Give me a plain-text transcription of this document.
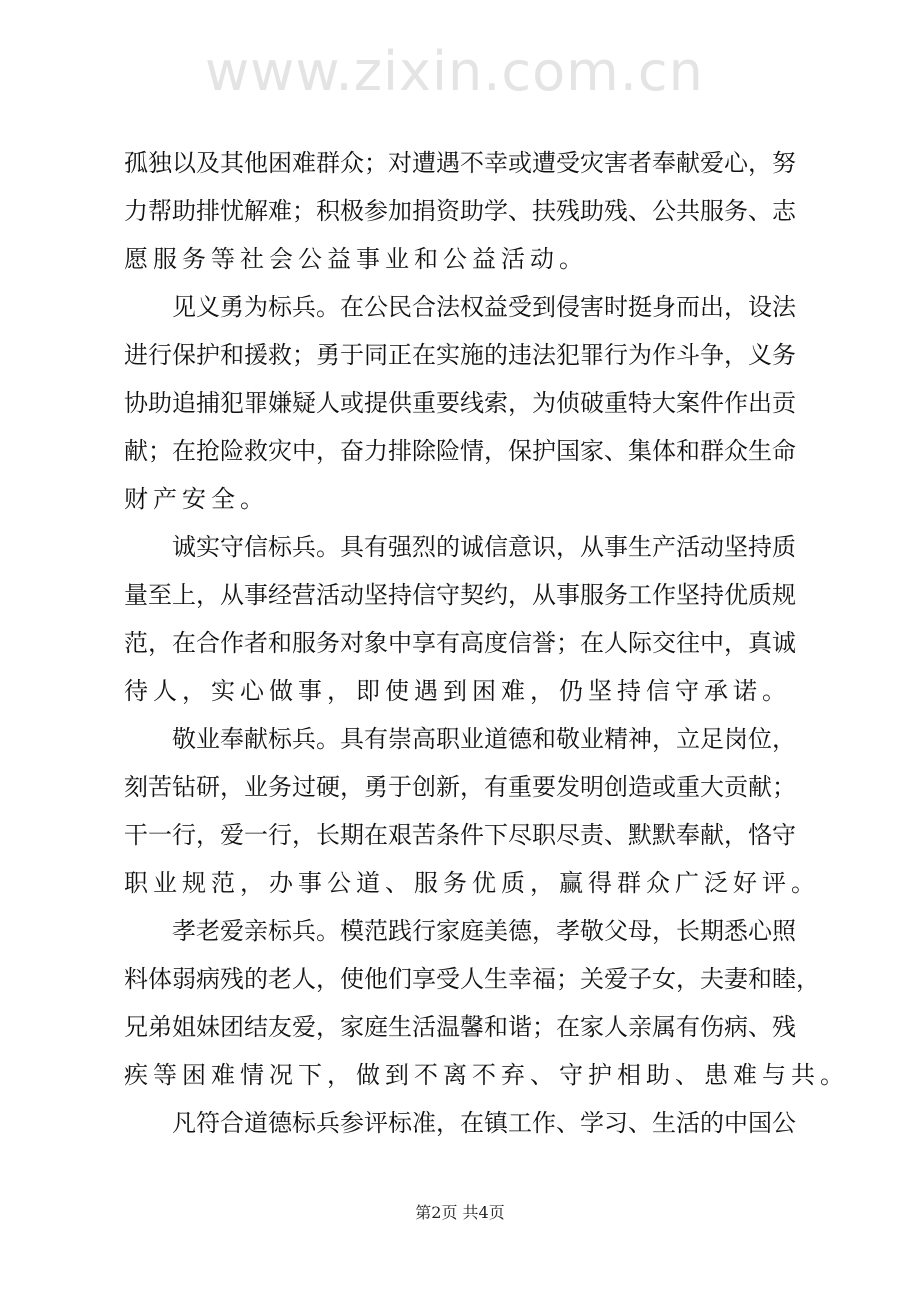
www.zixin.com.cn
孤独以及其他困难群众；对遭遇不幸或遭受灾害者奉献爱心，努
力帮助排忧解难；积极参加捐资助学、扶残助残、公共服务、志
愿服务等社会公益事业和公益活动。
见义勇为标兵。在公民合法权益受到侵害时挺身而出，设法
进行保护和援救；勇于同正在实施的违法犯罪行为作斗争，义务
协助追捕犯罪嫌疑人或提供重要线索，为侦破重特大案件作出贡
献；在抢险救灾中，奋力排除险情，保护国家、集体和群众生命
财产安全。
诚实守信标兵。具有强烈的诚信意识，从事生产活动坚持质
量至上，从事经营活动坚持信守契约，从事服务工作坚持优质规
范，在合作者和服务对象中享有高度信誉；在人际交往中，真诚
待人，实心做事，即使遇到困难，仍坚持信守承诺。
敬业奉献标兵。具有崇高职业道德和敬业精神，立足岗位，
刻苦钻研，业务过硬，勇于创新，有重要发明创造或重大贡献；
干一行，爱一行，长期在艰苦条件下尽职尽责、默默奉献，恪守
职业规范，办事公道、服务优质，赢得群众广泛好评。
孝老爱亲标兵。模范践行家庭美德，孝敬父母，长期悉心照
料体弱病残的老人，使他们享受人生幸福；关爱子女，夫妻和睦，
兄弟姐妹团结友爱，家庭生活温馨和谐；在家人亲属有伤病、残
疾等困难情况下，做到不离不弃、守护相助、患难与共。
凡符合道德标兵参评标准，在镇工作、学习、生活的中国公
第2页 共4页
